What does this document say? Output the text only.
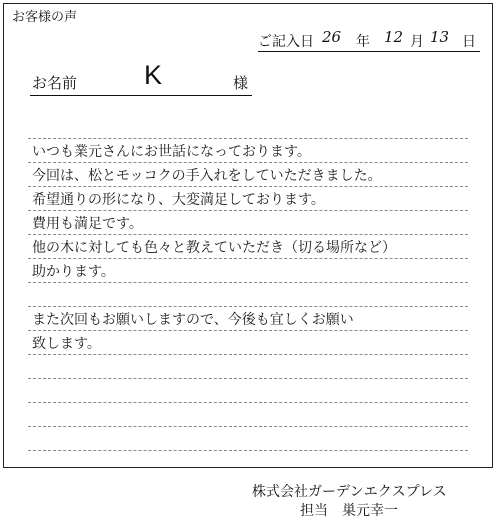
お客様の声
ご記入日 26 年 12 月 13 日
お名前 K	様
いつも業元さんにお世話になっております。
今回は、松とモッコクの手入れをしていただきました。
希望通りの形になり、大変満足しております。
費用も満足です。
他の木に対しても色々と教えていただき（切る場所など）
助かります。
また次回もお願いしますので、今後も宜しくお願い
致します。
株式会社ガーデンエクスプレス
担当　巣元幸一
